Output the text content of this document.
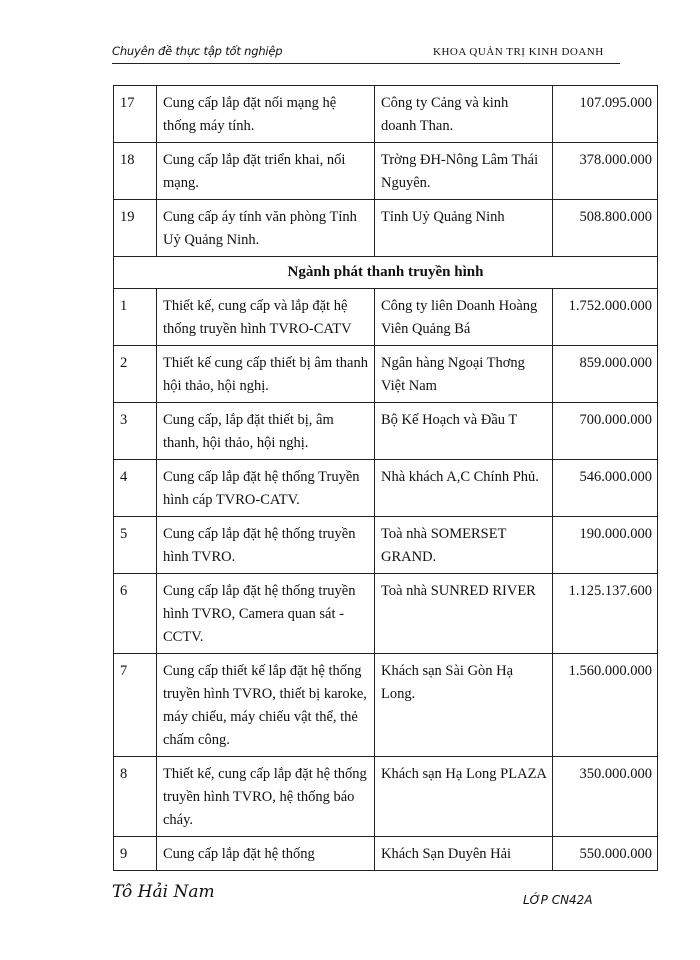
Chuyên đề thực tập tốt nghiệp	KHOA QUẢN TRỊ KINH DOANH
17	Cung cấp lắp đặt nối mạng hệ thống máy tính.	Công ty Cảng và kinh doanh Than.	107.095.000
18	Cung cấp lắp đặt triển khai, nối mạng.	Trờng ĐH-Nông Lâm Thái Nguyên.	378.000.000
19	Cung cấp áy tính văn phòng Tỉnh Uỷ Quảng Ninh.	Tỉnh Uỷ Quảng Ninh	508.800.000
Ngành phát thanh truyền hình			
1	Thiết kế, cung cấp và lắp đặt hệ thống truyền hình TVRO-CATV	Công ty liên Doanh Hoàng Viên Quảng Bá	1.752.000.000
2	Thiết kế cung cấp thiết bị âm thanh hội thảo, hội nghị.	Ngân hàng Ngoại Thơng Việt Nam	859.000.000
3	Cung cấp, lắp đặt thiết bị, âm thanh, hội thảo, hội nghị.	Bộ Kế Hoạch và Đầu T	700.000.000
4	Cung cấp lắp đặt hệ thống Truyền hình cáp TVRO-CATV.	Nhà khách A,C Chính Phủ.	546.000.000
5	Cung cấp lắp đặt hệ thống truyền hình TVRO.	Toà nhà SOMERSET GRAND.	190.000.000
6	Cung cấp lắp đặt hệ thống truyền hình TVRO, Camera quan sát - CCTV.	Toà nhà SUNRED RIVER	1.125.137.600
7	Cung cấp thiết kế lắp đặt hệ thống truyền hình TVRO, thiết bị karoke, máy chiếu, máy chiếu vật thể, thẻ chấm công.	Khách sạn Sài Gòn Hạ Long.	1.560.000.000
8	Thiết kế, cung cấp lắp đặt hệ thống truyền hình TVRO, hệ thống báo cháy.	Khách sạn Hạ Long PLAZA	350.000.000
9	Cung cấp lắp đặt hệ thống	Khách Sạn Duyên Hải	550.000.000
Tô Hải Nam	LỚP CN42A
